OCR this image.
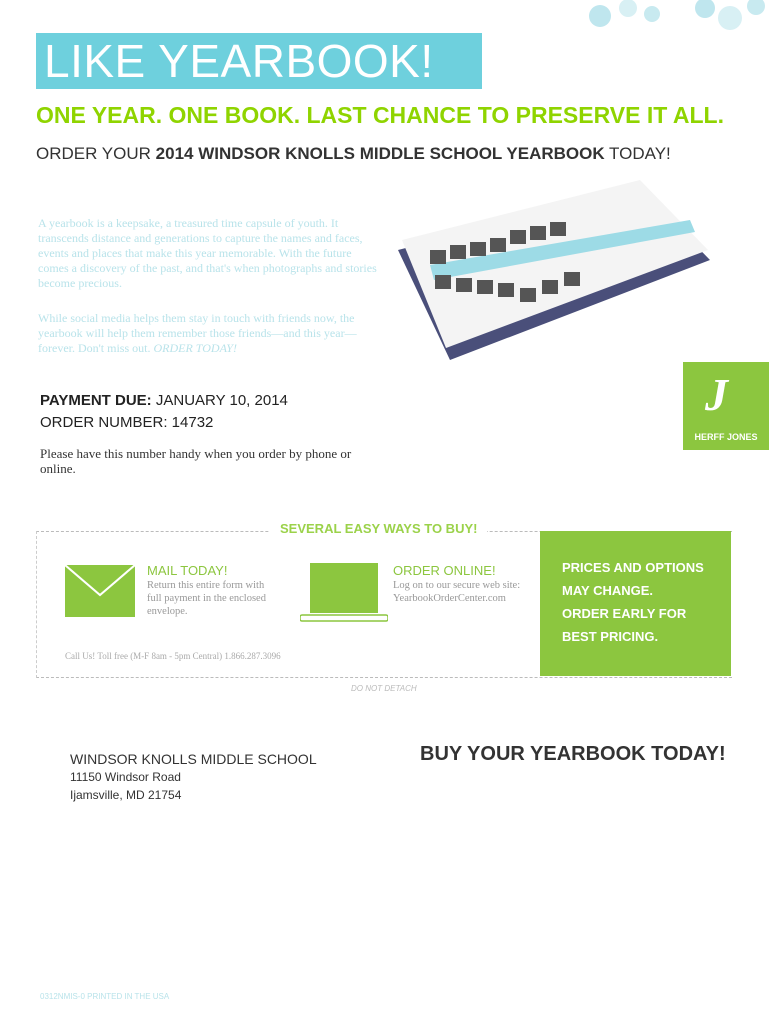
LIKE YEARBOOK!
ONE YEAR. ONE BOOK. LAST CHANCE TO PRESERVE IT ALL.
ORDER YOUR 2014 WINDSOR KNOLLS MIDDLE SCHOOL YEARBOOK TODAY!
A yearbook is a keepsake, a treasured time capsule of youth. It transcends distance and generations to capture the names and faces, events and places that make this year memorable. With the future comes a discovery of the past, and that's when photographs and stories become precious.
While social media helps them stay in touch with friends now, the yearbook will help them remember those friends—and this year—forever. Don't miss out. ORDER TODAY!
PAYMENT DUE: JANUARY 10, 2014
ORDER NUMBER: 14732
Please have this number handy when you order by phone or online.
J
HERFF JONES
SEVERAL EASY WAYS TO BUY!
MAIL TODAY!
Return this entire form with full payment in the enclosed envelope.
ORDER ONLINE!
Log on to our secure web site: YearbookOrderCenter.com
Call Us! Toll free (M-F 8am - 5pm Central) 1.866.287.3096
PRICES AND OPTIONS
MAY CHANGE.
ORDER EARLY FOR
BEST PRICING.
DO NOT DETACH
WINDSOR KNOLLS MIDDLE SCHOOL
11150 Windsor Road
Ijamsville, MD 21754
BUY YOUR YEARBOOK TODAY!
0312NMIS-0 PRINTED IN THE USA
